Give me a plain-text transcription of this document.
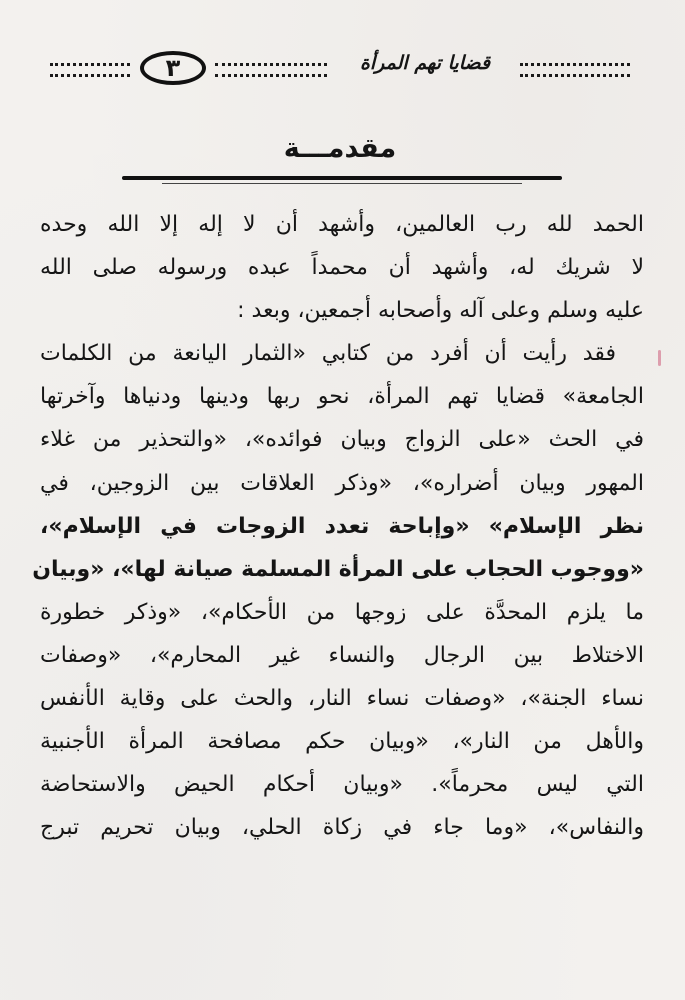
٣	قضايا تهم المرأة
مقدمـــة
الحمد لله رب العالمين، وأشهد أن لا إله إلا الله وحده
لا شريك له، وأشهد أن محمداً عبده ورسوله صلى الله
عليه وسلم وعلى آله وأصحابه أجمعين، وبعد :
فقد رأيت أن أفرد من كتابي «الثمار اليانعة من الكلمات
الجامعة» قضايا تهم المرأة، نحو ربها ودينها ودنياها وآخرتها
في الحث «على الزواج وبيان فوائده»، «والتحذير من غلاء
المهور وبيان أضراره»، «وذكر العلاقات بين الزوجين، في
نظر الإسلام» «وإباحة تعدد الزوجات في الإسلام»،
«ووجوب الحجاب على المرأة المسلمة صيانة لها»، «وبيان
ما يلزم المحدَّة على زوجها من الأحكام»، «وذكر خطورة
الاختلاط بين الرجال والنساء غير المحارم»، «وصفات
نساء الجنة»، «وصفات نساء النار، والحث على وقاية الأنفس
والأهل من النار»، «وبيان حكم مصافحة المرأة الأجنبية
التي ليس محرماً». «وبيان أحكام الحيض والاستحاضة
والنفاس»، «وما جاء في زكاة الحلي، وبيان تحريم تبرج
